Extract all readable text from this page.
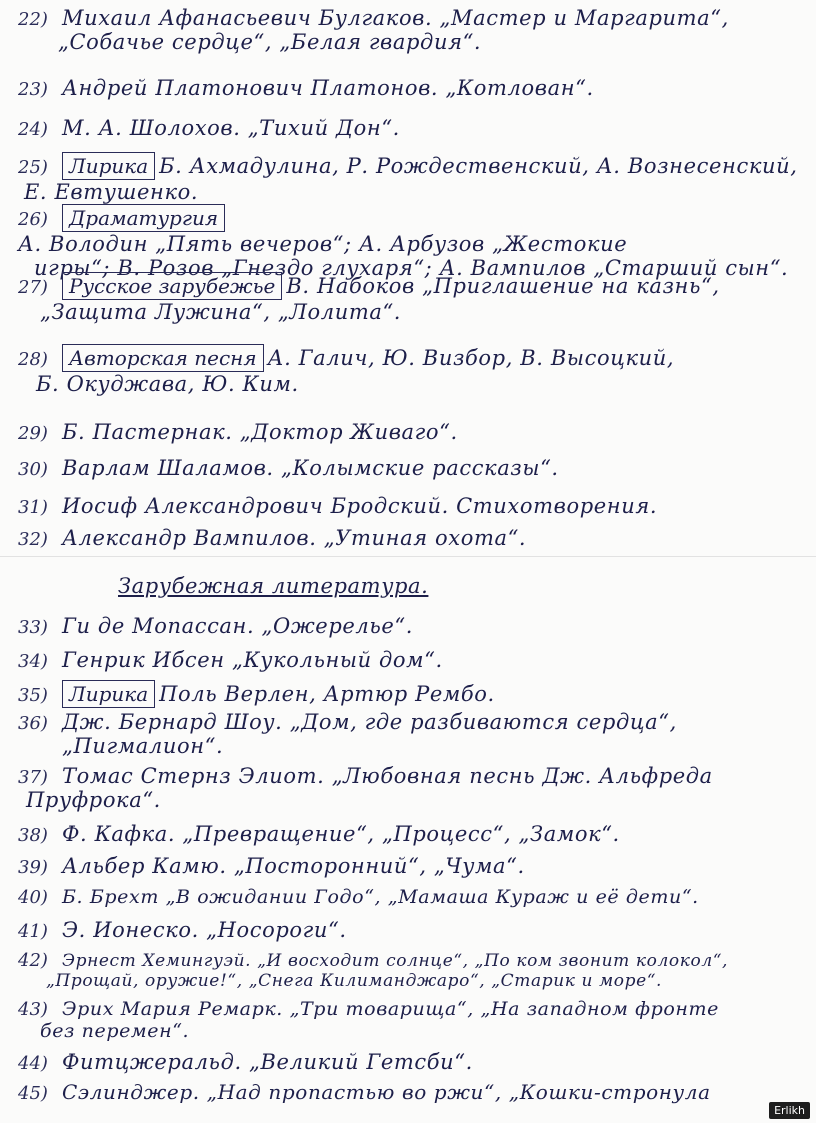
22) Михаил Афанасьевич Булгаков. „Мастер и Маргарита“,
„Собачье сердце“, „Белая гвардия“.
23) Андрей Платонович Платонов. „Котлован“.
24) М. А. Шолохов. „Тихий Дон“.
25) Лирика Б. Ахмадулина, Р. Рождественский, А. Вознесенский,
Е. Евтушенко.
26) ДраматургияА. Володин „Пять вечеров“; А. Арбузов „Жестокие
игры“; В. Розов „Гнездо глухаря“; А. Вампилов „Старший сын“.
27) Русское зарубежье В. Набоков „Приглашение на казнь“,
„Защита Лужина“, „Лолита“.
28) Авторская песня А. Галич, Ю. Визбор, В. Высоцкий,
Б. Окуджава, Ю. Ким.
29) Б. Пастернак. „Доктор Живаго“.
30) Варлам Шаламов. „Колымские рассказы“.
31) Иосиф Александрович Бродский. Стихотворения.
32) Александр Вампилов. „Утиная охота“.
Зарубежная литература.
33) Ги де Мопассан. „Ожерелье“.
34) Генрик Ибсен „Кукольный дом“.
35) Лирика Поль Верлен, Артюр Рембо.
36) Дж. Бернард Шоу. „Дом, где разбиваются сердца“,
„Пигмалион“.
37) Томас Стернз Элиот. „Любовная песнь Дж. Альфреда
Пруфрока“.
38) Ф. Кафка. „Превращение“, „Процесс“, „Замок“.
39) Альбер Камю. „Посторонний“, „Чума“.
40) Б. Брехт „В ожидании Годо“, „Мамаша Кураж и её дети“.
41) Э. Ионеско. „Носороги“.
42) Эрнест Хемингуэй. „И восходит солнце“, „По ком звонит колокол“,
„Прощай, оружие!“, „Снега Килиманджаро“, „Старик и море“.
43) Эрих Мария Ремарк. „Три товарища“, „На западном фронте
без перемен“.
44) Фитцжеральд. „Великий Гетсби“.
45) Сэлинджер. „Над пропастью во ржи“, „Кошки-стронула
Erlikh
